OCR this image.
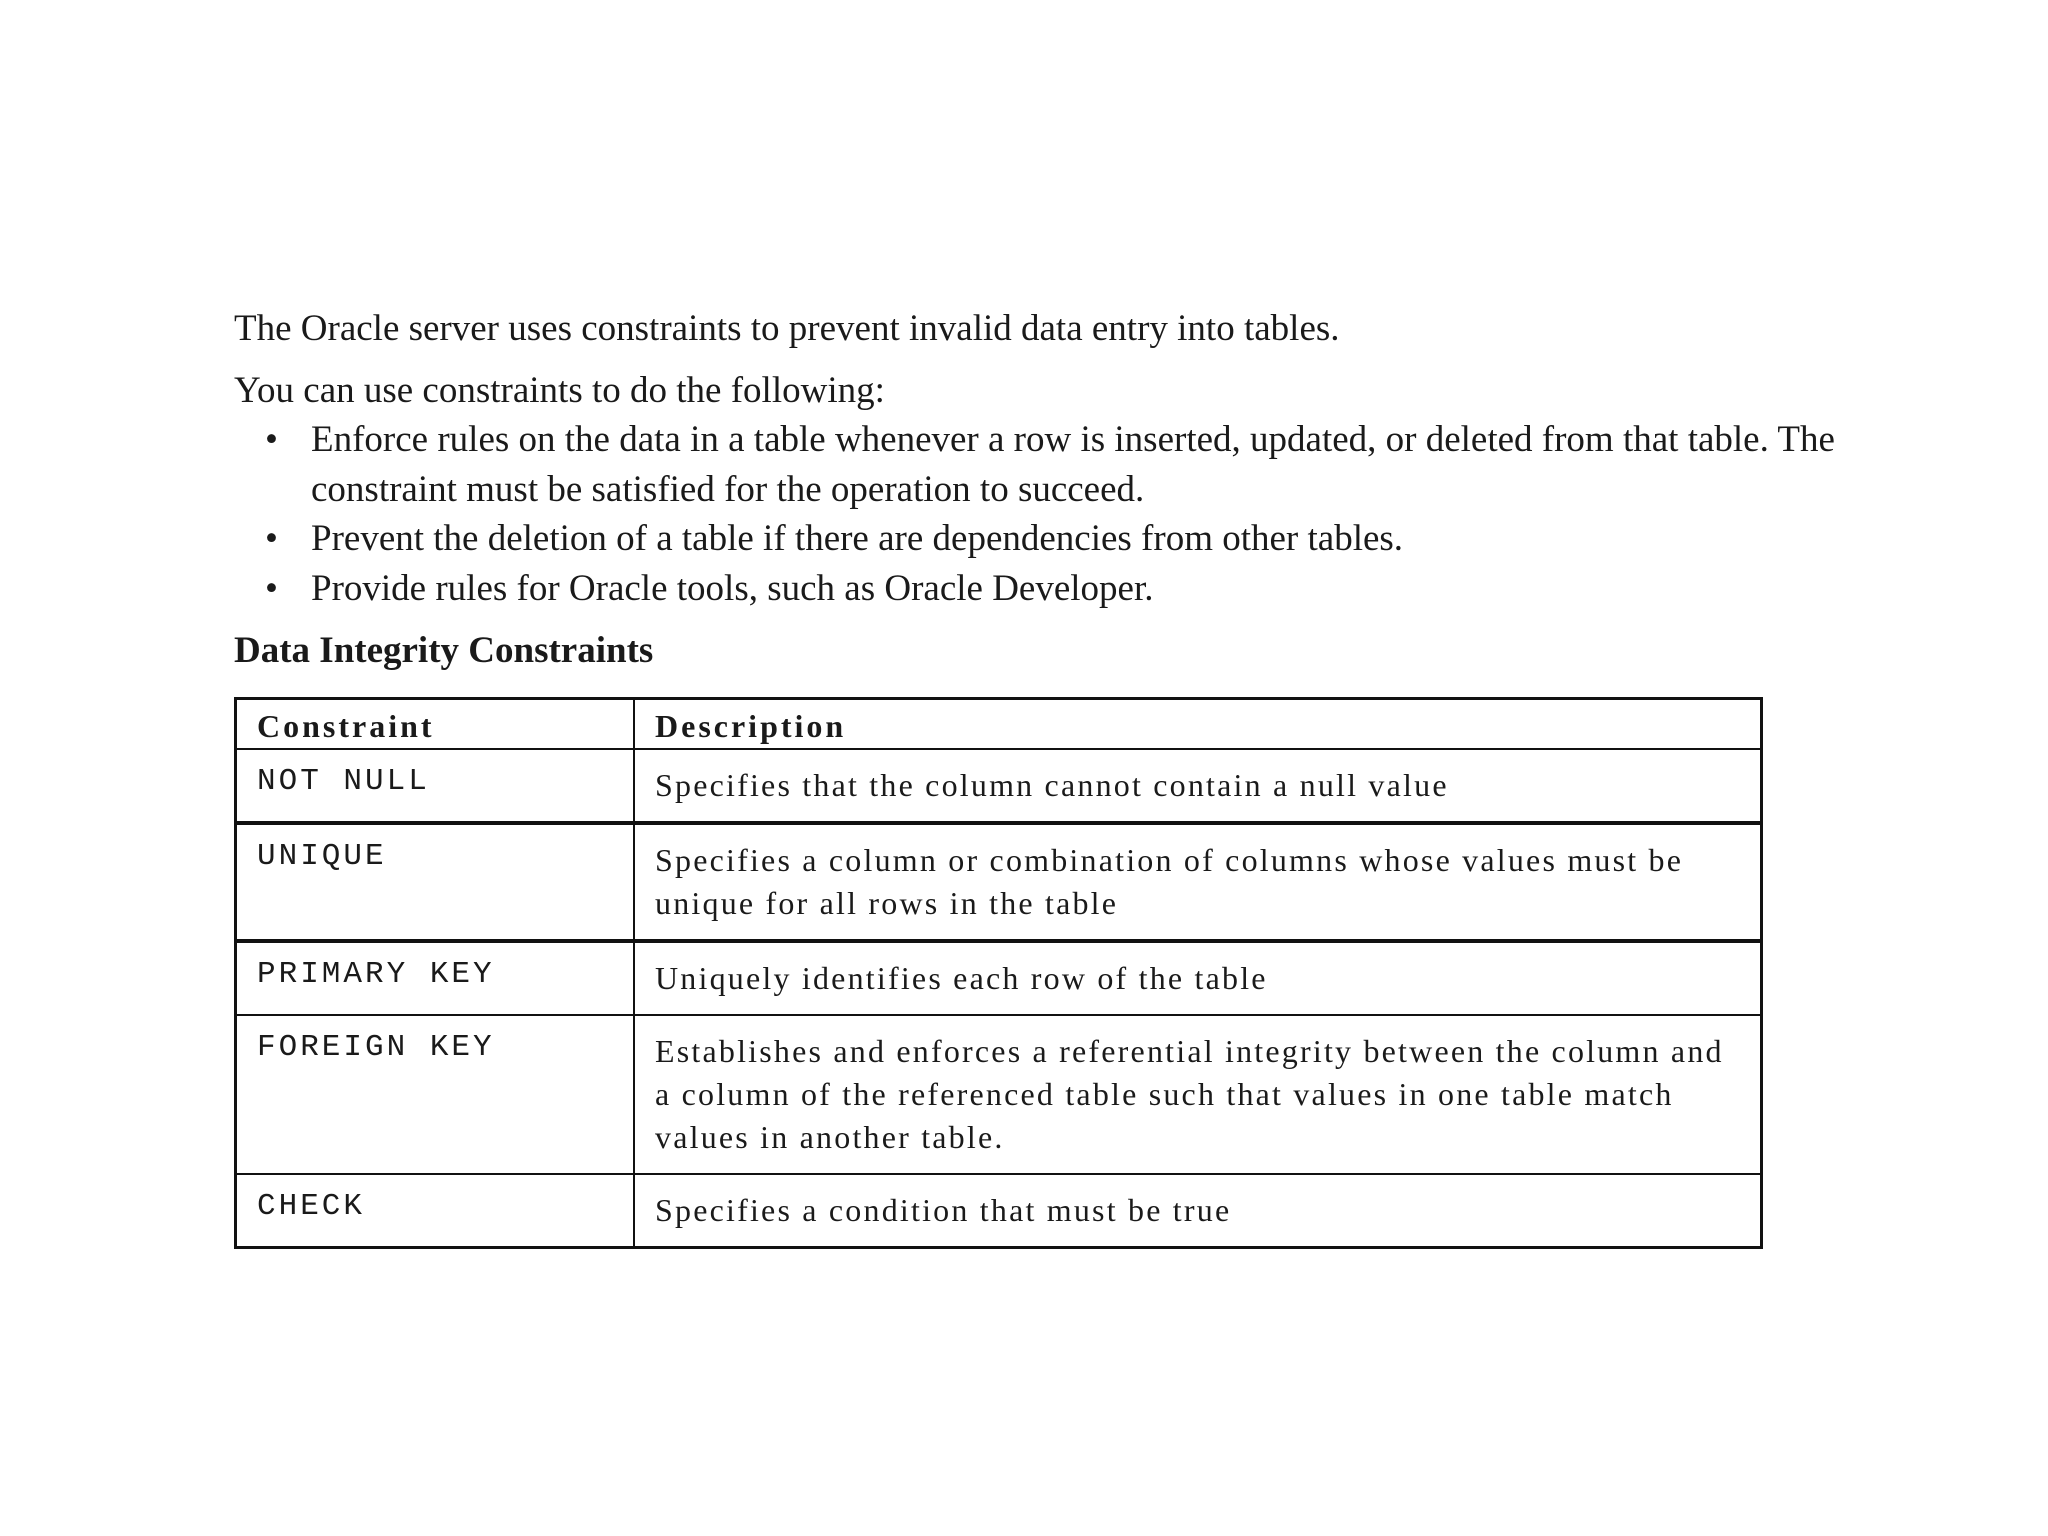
The Oracle server uses constraints to prevent invalid data entry into tables.

You can use constraints to do the following:

• Enforce rules on the data in a table whenever a row is inserted, updated, or deleted from that table. The constraint must be satisfied for the operation to succeed.
• Prevent the deletion of a table if there are dependencies from other tables.
• Provide rules for Oracle tools, such as Oracle Developer.
Data Integrity Constraints
Constraint	Description
NOT NULL	Specifies that the column cannot contain a null value
UNIQUE	Specifies a column or combination of columns whose values must be unique for all rows in the table
PRIMARY KEY	Uniquely identifies each row of the table
FOREIGN KEY	Establishes and enforces a referential integrity between the column and a column of the referenced table such that values in one table match values in another table.
CHECK	Specifies a condition that must be true
